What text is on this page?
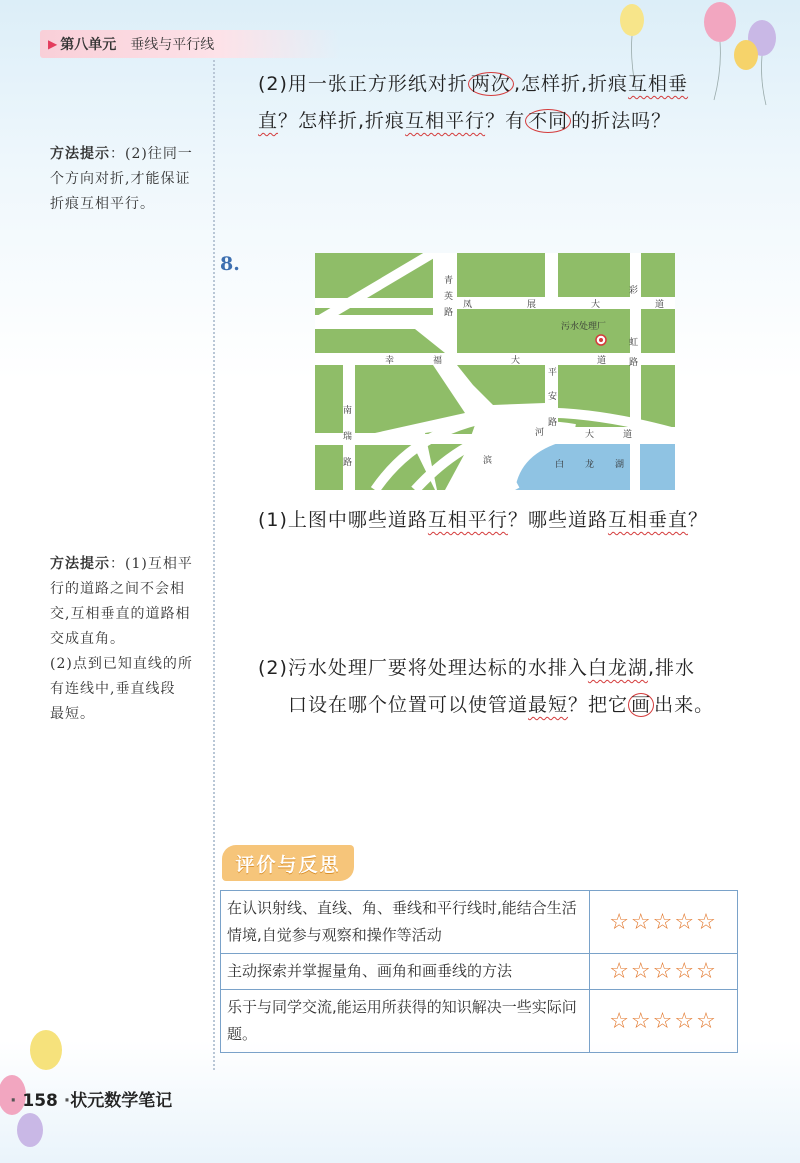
▶ 第八单元 垂线与平行线
(2)用一张正方形纸对折 两次 ,怎样折,折痕互相垂
直？怎样折,折痕互相平行？有 不同 的折法吗？
方法提示：(2)往同一
个方向对折,才能保证
折痕互相平行。
8.
青
英
路
凤	展	大	道
彩
虹
路
污水处理厂
幸	福	大	道
平
安
路
南
瑞
路	滨
河	大	道
白 龙 湖
(1)上图中哪些道路互相平行？哪些道路互相垂直？
方法提示：(1)互相平
行的道路之间不会相
交,互相垂直的道路相
交成直角。
(2)点到已知直线的所
有连线中,垂直线段
最短。
(2)污水处理厂要将处理达标的水排入白龙湖,排水
口设在哪个位置可以使管道最短？把它 画 出来。
评价与反思
在认识射线、直线、角、垂线和平行线时,能结合生活情境,自觉参与观察和操作等活动	☆☆☆☆☆
主动探索并掌握量角、画角和画垂线的方法	☆☆☆☆☆
乐于与同学交流,能运用所获得的知识解决一些实际问题。	☆☆☆☆☆
· 158 ·状元数学笔记
